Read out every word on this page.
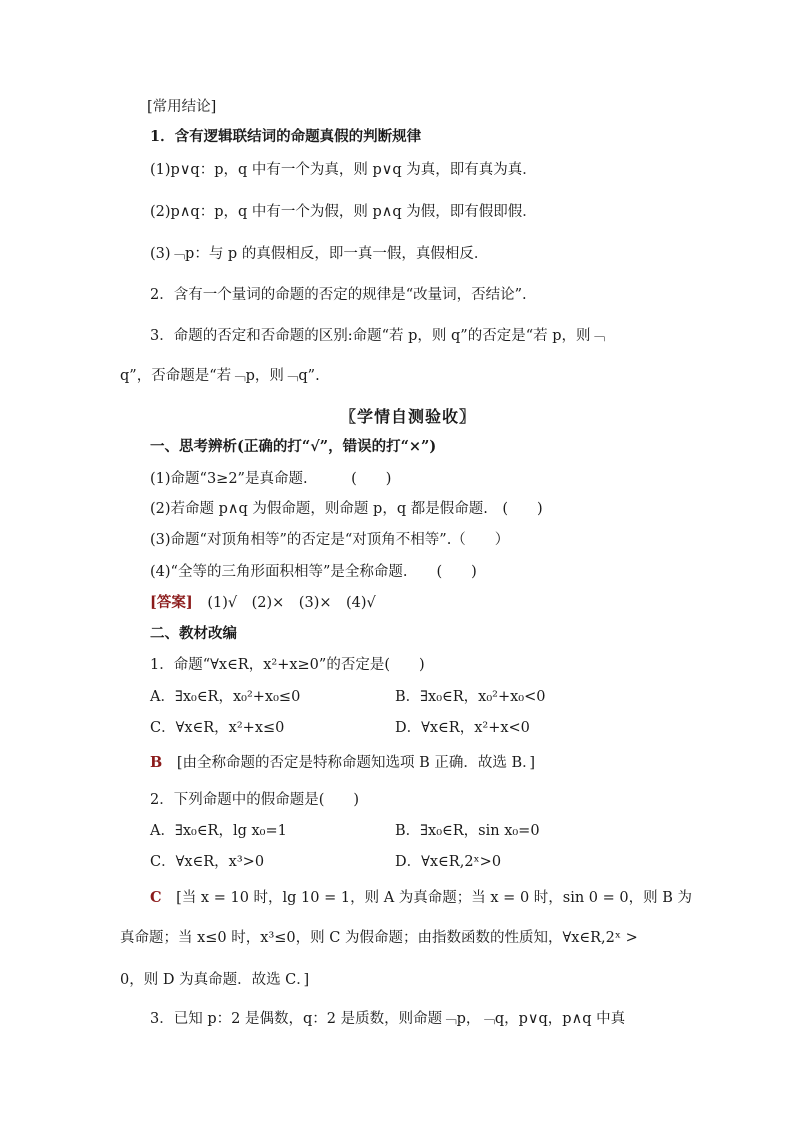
[常用结论]
1．含有逻辑联结词的命题真假的判断规律
(1)p∨q：p，q 中有一个为真，则 p∨q 为真，即有真为真．
(2)p∧q：p，q 中有一个为假，则 p∧q 为假，即有假即假．
(3)﹁p：与 p 的真假相反，即一真一假，真假相反．
2．含有一个量词的命题的否定的规律是“改量词，否结论”.
3．命题的否定和否命题的区别:命题“若 p，则 q”的否定是“若 p，则﹁
q”，否命题是“若﹁p，则﹁q”.
〖学情自测验收〗
一、思考辨析(正确的打“√”，错误的打“×”)
(1)命题“3≥2”是真命题.　　　(　　)
(2)若命题 p∧q 为假命题，则命题 p，q 都是假命题.　(　　)
(3)命题“对顶角相等”的否定是“对顶角不相等”.（　　）
(4)“全等的三角形面积相等”是全称命题.　　(　　)
[答案] (1)√　(2)×　(3)×　(4)√
二、教材改编
1．命题“∀x∈R，x²+x≥0”的否定是(　　)
A．∃x₀∈R，x₀²+x₀≤0	B．∃x₀∈R，x₀²+x₀<0
C．∀x∈R，x²+x≤0	D．∀x∈R，x²+x<0
B [由全称命题的否定是特称命题知选项 B 正确．故选 B．]
2．下列命题中的假命题是(　　)
A．∃x₀∈R，lg x₀=1	B．∃x₀∈R，sin x₀=0
C．∀x∈R，x³>0	D．∀x∈R,2ˣ>0
C [当 x = 10 时，lg 10 = 1，则 A 为真命题；当 x = 0 时，sin 0 = 0，则 B 为
真命题；当 x≤0 时，x³≤0，则 C 为假命题；由指数函数的性质知，∀x∈R,2ˣ >
0，则 D 为真命题．故选 C．]
3．已知 p：2 是偶数，q：2 是质数，则命题﹁p，﹁q，p∨q，p∧q 中真
